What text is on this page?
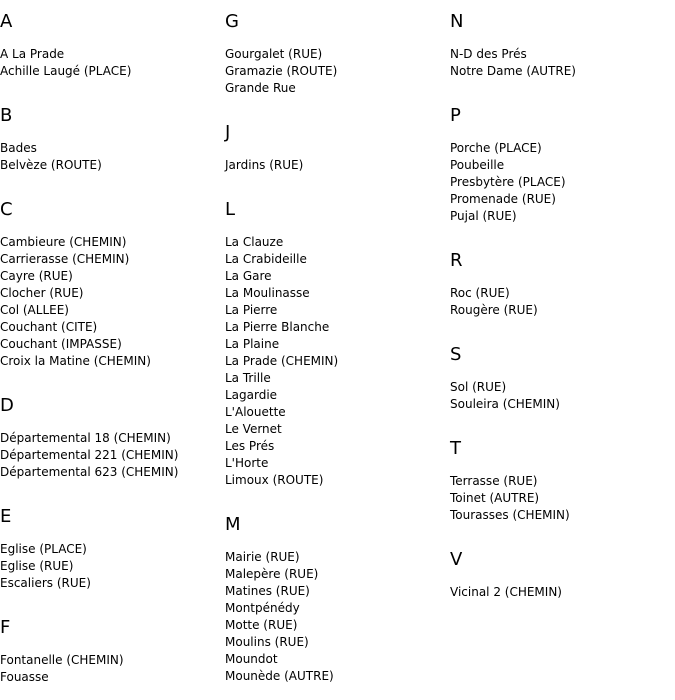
A
A La Prade
Achille Laugé (PLACE)
B
Bades
Belvèze (ROUTE)
C
Cambieure (CHEMIN)
Carrierasse (CHEMIN)
Cayre (RUE)
Clocher (RUE)
Col (ALLEE)
Couchant (CITE)
Couchant (IMPASSE)
Croix la Matine (CHEMIN)
D
Départemental 18 (CHEMIN)
Départemental 221 (CHEMIN)
Départemental 623 (CHEMIN)
E
Eglise (PLACE)
Eglise (RUE)
Escaliers (RUE)
F
Fontanelle (CHEMIN)
Fouasse
G
Gourgalet (RUE)
Gramazie (ROUTE)
Grande Rue
J
Jardins (RUE)
L
La Clauze
La Crabideille
La Gare
La Moulinasse
La Pierre
La Pierre Blanche
La Plaine
La Prade (CHEMIN)
La Trille
Lagardie
L'Alouette
Le Vernet
Les Prés
L'Horte
Limoux (ROUTE)
M
Mairie (RUE)
Malepère (RUE)
Matines (RUE)
Montpénédy
Motte (RUE)
Moulins (RUE)
Moundot
Mounède (AUTRE)
N
N-D des Prés
Notre Dame (AUTRE)
P
Porche (PLACE)
Poubeille
Presbytère (PLACE)
Promenade (RUE)
Pujal (RUE)
R
Roc (RUE)
Rougère (RUE)
S
Sol (RUE)
Souleira (CHEMIN)
T
Terrasse (RUE)
Toinet (AUTRE)
Tourasses (CHEMIN)
V
Vicinal 2 (CHEMIN)
